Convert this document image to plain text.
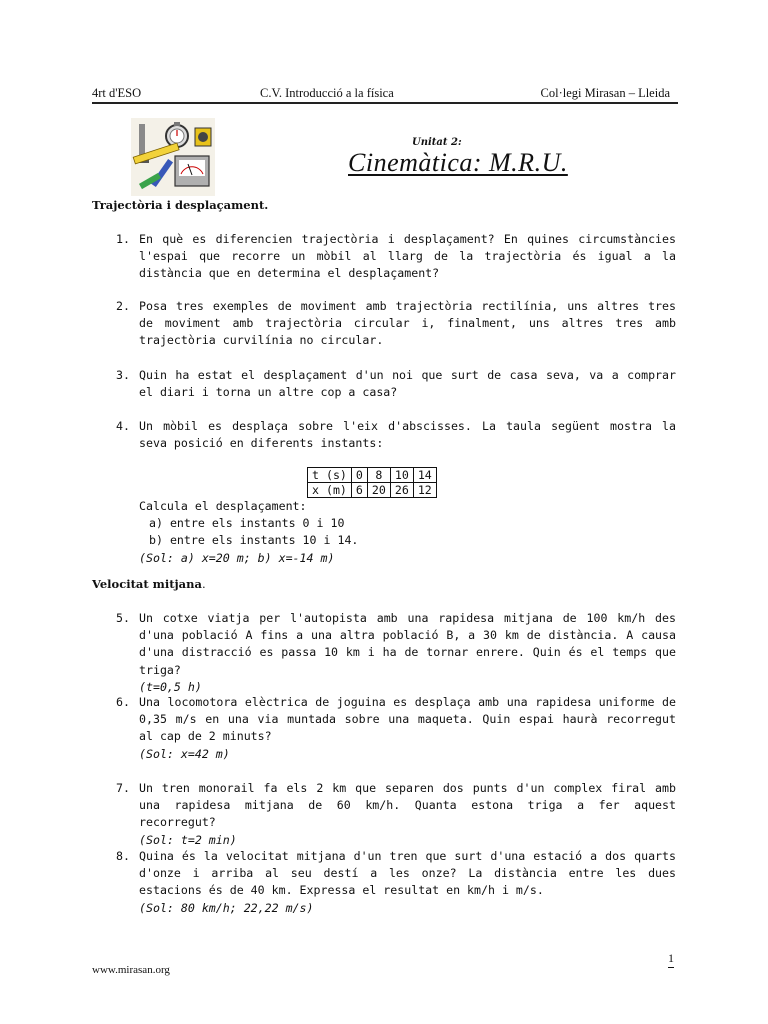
4rt d'ESO	C.V. Introducció a la física	Col·legi Mirasan – Lleida
Unitat 2:
Cinemàtica: M.R.U.
Trajectòria i desplaçament.
1. En què es diferencien trajectòria i desplaçament? En quines circumstàncies l'espai que recorre un mòbil al llarg de la trajectòria és igual a la distància que en determina el desplaçament?
2. Posa tres exemples de moviment amb trajectòria rectilínia, uns altres tres de moviment amb trajectòria circular i, finalment, uns altres tres amb trajectòria curvilínia no circular.
3. Quin ha estat el desplaçament d'un noi que surt de casa seva, va a comprar el diari i torna un altre cop a casa?
4. Un mòbil es desplaça sobre l'eix d'abscisses. La taula següent mostra la seva posició en diferents instants:
t (s)	0	8	10	14
x (m)	6	20	26	12
Calcula el desplaçament:
a) entre els instants 0 i 10
b) entre els instants 10 i 14.
(Sol: a) x=20 m; b) x=-14 m)
Velocitat mitjana.
5. Un cotxe viatja per l'autopista amb una rapidesa mitjana de 100 km/h des d'una població A fins a una altra població B, a 30 km de distància. A causa d'una distracció es passa 10 km i ha de tornar enrere. Quin és el temps que triga?
(t=0,5 h)
6. Una locomotora elèctrica de joguina es desplaça amb una rapidesa uniforme de 0,35 m/s en una via muntada sobre una maqueta. Quin espai haurà recorregut al cap de 2 minuts?
(Sol: x=42 m)
7. Un tren monorail fa els 2 km que separen dos punts d'un complex firal amb una rapidesa mitjana de 60 km/h. Quanta estona triga a fer aquest recorregut?
(Sol: t=2 min)
8. Quina és la velocitat mitjana d'un tren que surt d'una estació a dos quarts d'onze i arriba al seu destí a les onze? La distància entre les dues estacions és de 40 km. Expressa el resultat en km/h i m/s.
(Sol: 80 km/h; 22,22 m/s)
www.mirasan.org
1
